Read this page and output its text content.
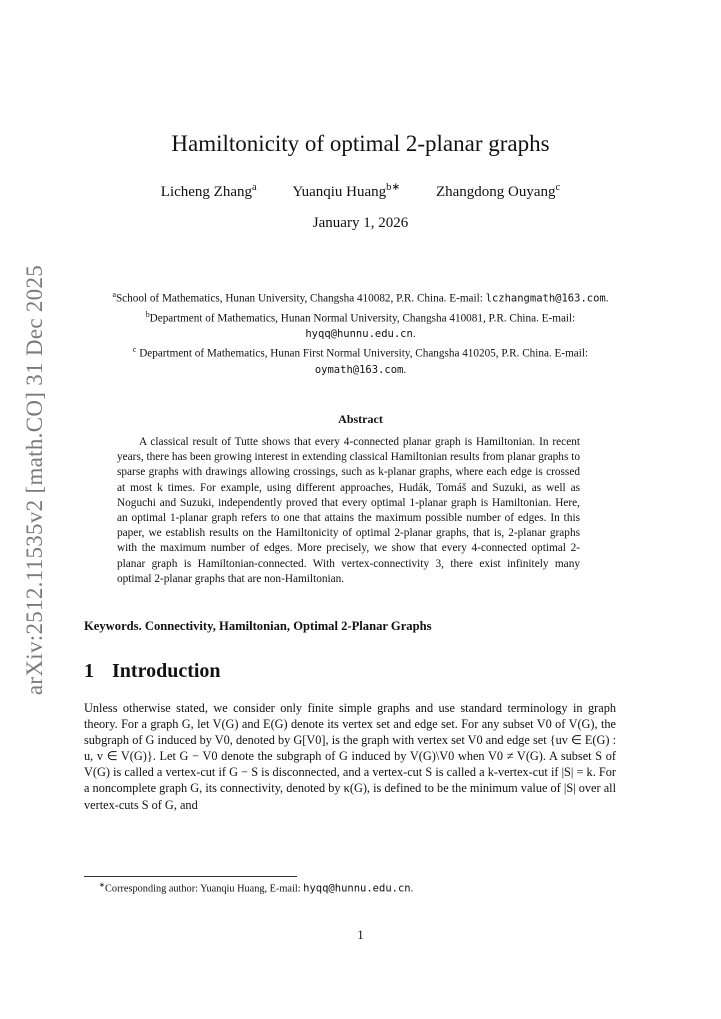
arXiv:2512.11535v2 [math.CO] 31 Dec 2025
Hamiltonicity of optimal 2-planar graphs
Licheng Zhang$^a$ Yuanqiu Huang$^{b∗}$ Zhangdong Ouyang$^c$
January 1, 2026

$^a$School of Mathematics, Hunan University, Changsha 410082, P.R. China. E-mail: lczhangmath@163.com.

$^b$Department of Mathematics, Hunan Normal University, Changsha 410081, P.R. China. E-mail: hyqq@hunnu.edu.cn.

$^c$ Department of Mathematics, Hunan First Normal University, Changsha 410205, P.R. China. E-mail: oymath@163.com.

Abstract

A classical result of Tutte shows that every 4-connected planar graph is Hamiltonian. In recent years, there has been growing interest in extending classical Hamiltonian results from planar graphs to sparse graphs with drawings allowing crossings, such as k-planar graphs, where each edge is crossed at most k times. For example, using different approaches, Hudák, Tomáš and Suzuki, as well as Noguchi and Suzuki, independently proved that every optimal 1-planar graph is Hamiltonian. Here, an optimal 1-planar graph refers to one that attains the maximum possible number of edges. In this paper, we establish results on the Hamiltonicity of optimal 2-planar graphs, that is, 2-planar graphs with the maximum number of edges. More precisely, we show that every 4-connected optimal 2-planar graph is Hamiltonian-connected. With vertex-connectivity 3, there exist infinitely many optimal 2-planar graphs that are non-Hamiltonian.

Keywords. Connectivity, Hamiltonian, Optimal 2-Planar Graphs
1 Introduction

Unless otherwise stated, we consider only finite simple graphs and use standard terminology in graph theory. For a graph G, let V(G) and E(G) denote its vertex set and edge set. For any subset V0 of V(G), the subgraph of G induced by V0, denoted by G[V0], is the graph with vertex set V0 and edge set {uv ∈ E(G) : u, v ∈ V(G)}. Let G − V0 denote the subgraph of G induced by V(G)\V0 when V0 ≠ V(G). A subset S of V(G) is called a vertex-cut if G − S is disconnected, and a vertex-cut S is called a k-vertex-cut if |S| = k. For a noncomplete graph G, its connectivity, denoted by κ(G), is defined to be the minimum value of |S| over all vertex-cuts S of G, and

∗Corresponding author: Yuanqiu Huang, E-mail: hyqq@hunnu.edu.cn.
1
